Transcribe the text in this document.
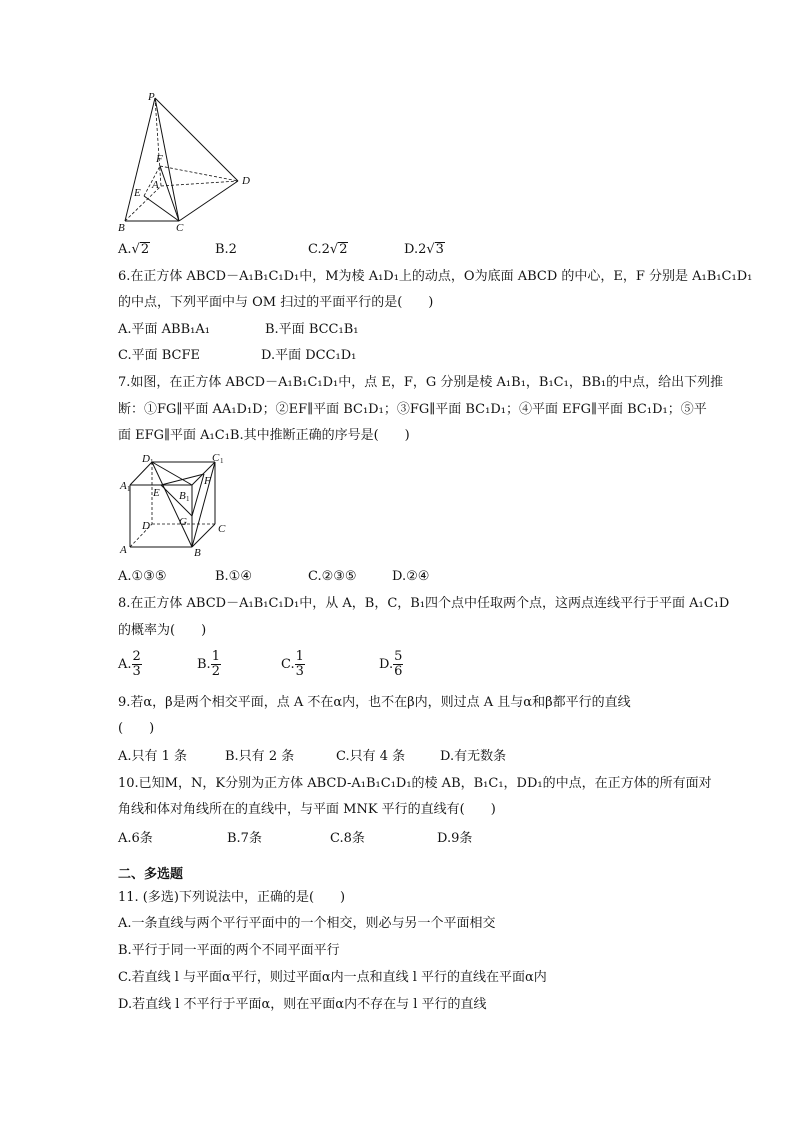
P
F
A
E
B	C
D
A.√2	B.2	C.2√2	D.2√3
6.在正方体 ABCD－A₁B₁C₁D₁中，M为棱 A₁D₁上的动点，O为底面 ABCD 的中心，E，F 分别是 A₁B₁C₁D₁
的中点，下列平面中与 OM 扫过的平面平行的是(　　)
A.平面 ABB₁A₁	B.平面 BCC₁B₁
C.平面 BCFE	D.平面 DCC₁D₁
7.如图，在正方体 ABCD－A₁B₁C₁D₁中，点 E，F，G 分别是棱 A₁B₁，B₁C₁，BB₁的中点，给出下列推
断：①FG∥平面 AA₁D₁D；②EF∥平面 BC₁D₁；③FG∥平面 BC₁D₁；④平面 EFG∥平面 BC₁D₁；⑤平
面 EFG∥平面 A₁C₁B.其中推断正确的序号是(　　)
D 1	C 1
A 1 E B 1
F
D	G
C
A	B
A.①③⑤	B.①④	C.②③⑤	D.②④
8.在正方体 ABCD－A₁B₁C₁D₁中，从 A，B，C，B₁四个点中任取两个点，这两点连线平行于平面 A₁C₁D
的概率为(　　)
A. $\frac{2}{3}$	B. $\frac{1}{2}$	C. $\frac{1}{3}$	D. $\frac{5}{6}$
9.若α，β是两个相交平面，点 A 不在α内，也不在β内，则过点 A 且与α和β都平行的直线
(　　)
A.只有 1 条	B.只有 2 条	C.只有 4 条	D.有无数条
10.已知M，N，K分别为正方体 ABCD-A₁B₁C₁D₁的棱 AB，B₁C₁，DD₁的中点，在正方体的所有面对
角线和体对角线所在的直线中，与平面 MNK 平行的直线有(　　)
A.6条	B.7条	C.8条	D.9条
二、多选题
11. (多选)下列说法中，正确的是(　　)
A.一条直线与两个平行平面中的一个相交，则必与另一个平面相交
B.平行于同一平面的两个不同平面平行
C.若直线 l 与平面α平行，则过平面α内一点和直线 l 平行的直线在平面α内
D.若直线 l 不平行于平面α，则在平面α内不存在与 l 平行的直线
